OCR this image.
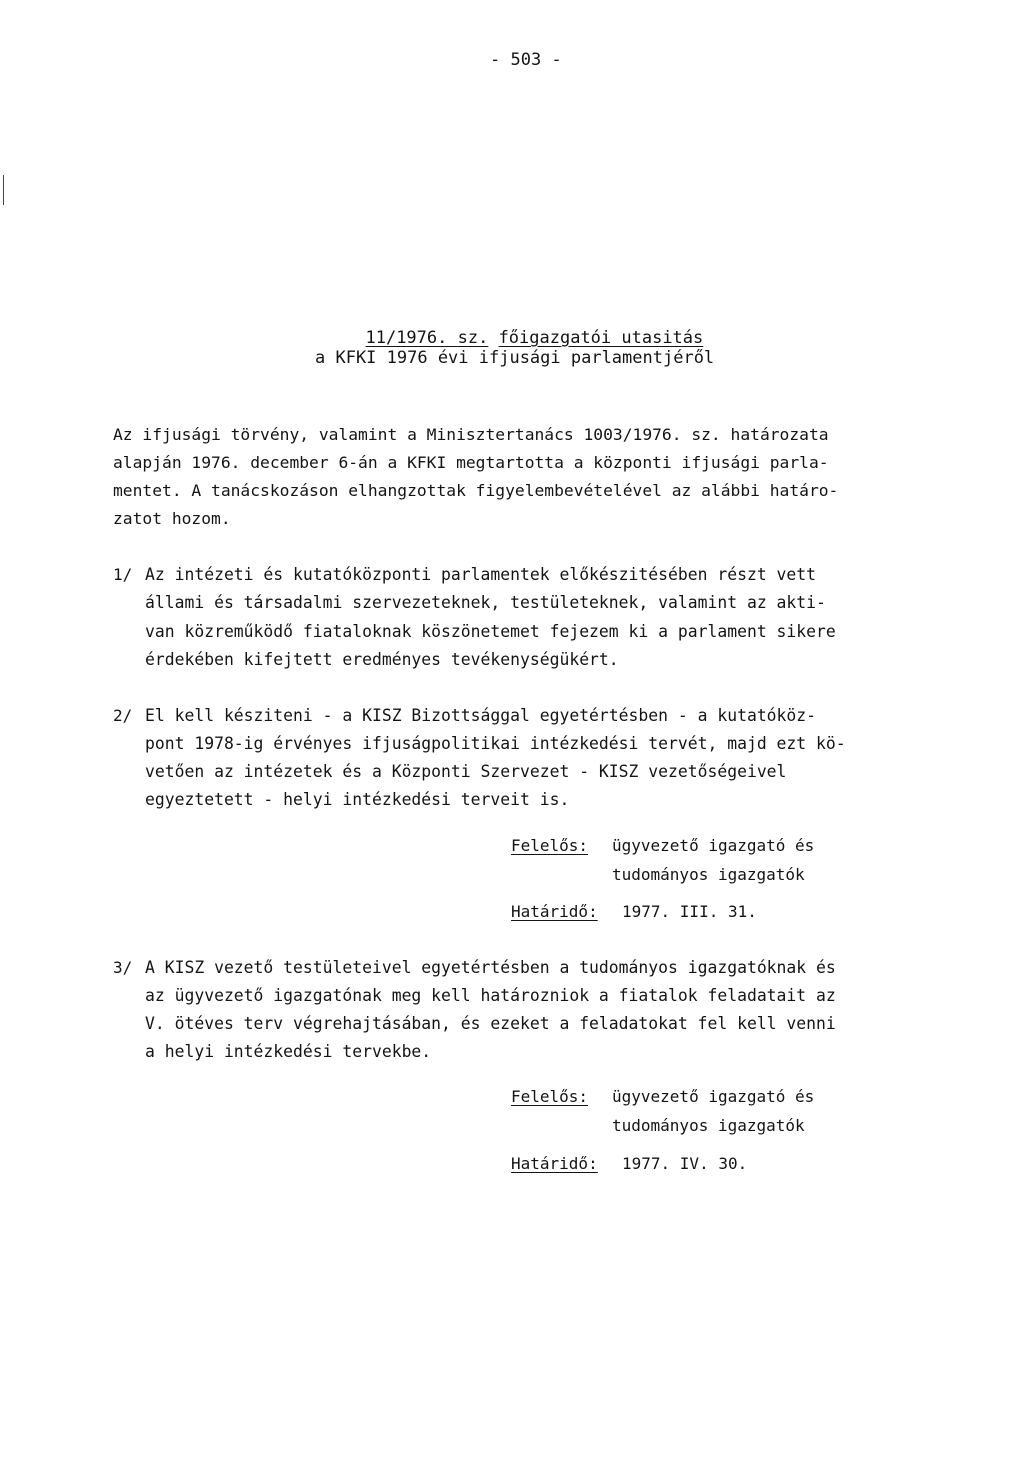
- 503 -

11/1976. sz. főigazgatói utasitás

a KFKI 1976 évi ifjusági parlamentjéről
Az ifjusági törvény, valamint a Minisztertanács 1003/1976. sz. határozata
alapján 1976. december 6-án a KFKI megtartotta a központi ifjusági parla-
mentet. A tanácskozáson elhangzottak figyelembevételével az alábbi határo-
zatot hozom.
1/ Az intézeti és kutatóközponti parlamentek előkészitésében részt vett
állami és társadalmi szervezeteknek, testületeknek, valamint az akti-
van közreműködő fiataloknak köszönetemet fejezem ki a parlament sikere
érdekében kifejtett eredményes tevékenységükért.
2/ El kell késziteni - a KISZ Bizottsággal egyetértésben - a kutatóköz-
pont 1978-ig érvényes ifjuságpolitikai intézkedési tervét, majd ezt kö-
vetően az intézetek és a Központi Szervezet - KISZ vezetőségeivel
egyeztetett - helyi intézkedési terveit is.
Felelős: ügyvezető igazgató és
tudományos igazgatók
Határidő: 1977. III. 31.
3/ A KISZ vezető testületeivel egyetértésben a tudományos igazgatóknak és
az ügyvezető igazgatónak meg kell határozniok a fiatalok feladatait az
V. ötéves terv végrehajtásában, és ezeket a feladatokat fel kell venni
a helyi intézkedési tervekbe.
Felelős: ügyvezető igazgató és
tudományos igazgatók
Határidő: 1977. IV. 30.
